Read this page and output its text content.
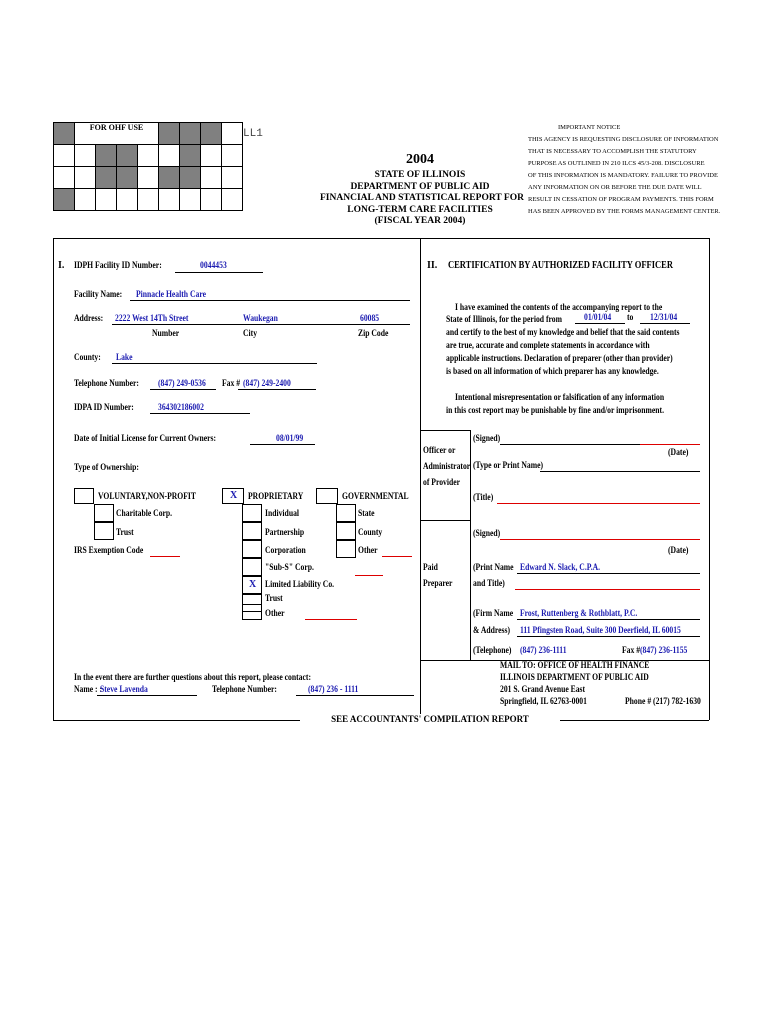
	FOR OHF USE							

LL1
2004
STATE OF ILLINOIS
DEPARTMENT OF PUBLIC AID
FINANCIAL AND STATISTICAL REPORT FOR
LONG-TERM CARE FACILITIES
(FISCAL YEAR 2004)
IMPORTANT NOTICE
THIS AGENCY IS REQUESTING DISCLOSURE OF INFORMATION
THAT IS NECESSARY TO ACCOMPLISH THE STATUTORY
PURPOSE AS OUTLINED IN 210 ILCS 45/3-208. DISCLOSURE
OF THIS INFORMATION IS MANDATORY. FAILURE TO PROVIDE
ANY INFORMATION ON OR BEFORE THE DUE DATE WILL
RESULT IN CESSATION OF PROGRAM PAYMENTS. THIS FORM
HAS BEEN APPROVED BY THE FORMS MANAGEMENT CENTER.
I. IDPH Facility ID Number:	0044453
Facility Name: Pinnacle Health Care
Address: 2222 West 14Th Street	Waukegan	60085
Number	City	Zip Code
County: Lake
Telephone Number: (847) 249-0536 Fax # (847) 249-2400
IDPA ID Number:	364302186002
Date of Initial License for Current Owners:	08/01/99
Type of Ownership:
VOLUNTARY,NON-PROFIT
Charitable Corp.
Trust
IRS Exemption Code
X PROPRIETARY
Individual
Partnership
Corporation
"Sub-S" Corp.
X Limited Liability Co.
Trust
Other
GOVERNMENTAL
State
County
Other
In the event there are further questions about this report, please contact:
Name : :
Steve Lavenda	Telephone Number:	(847) 236 - 1111
II. CERTIFICATION BY AUTHORIZED FACILITY OFFICER
I have examined the contents of the accompanying report to the
State of Illinois, for the period from 01/01/04 to 12/31/04
and certify to the best of my knowledge and belief that the said contents
are true, accurate and complete statements in accordance with
applicable instructions. Declaration of preparer (other than provider)
is based on all information of which preparer has any knowledge.
Intentional misrepresentation or falsification of any information
in this cost report may be punishable by fine and/or imprisonment.
Officer or
Administrator
of Provider
(Signed)
(Date)
(Type or Print Name)
(Title)
Paid
Preparer
(Signed)
(Date)
(Print Name Edward N. Slack, C.P.A.
and Title)
(Firm Name Frost, Ruttenberg & Rothblatt, P.C.
& Address) 111 Pfingsten Road, Suite 300 Deerfield, IL 60015
(Telephone) (847) 236-1111	Fax # (847) 236-1155
MAIL TO: OFFICE OF HEALTH FINANCE
ILLINOIS DEPARTMENT OF PUBLIC AID
201 S. Grand Avenue East
Springfield, IL 62763-0001	Phone # (217) 782-1630
SEE ACCOUNTANTS' COMPILATION REPORT
